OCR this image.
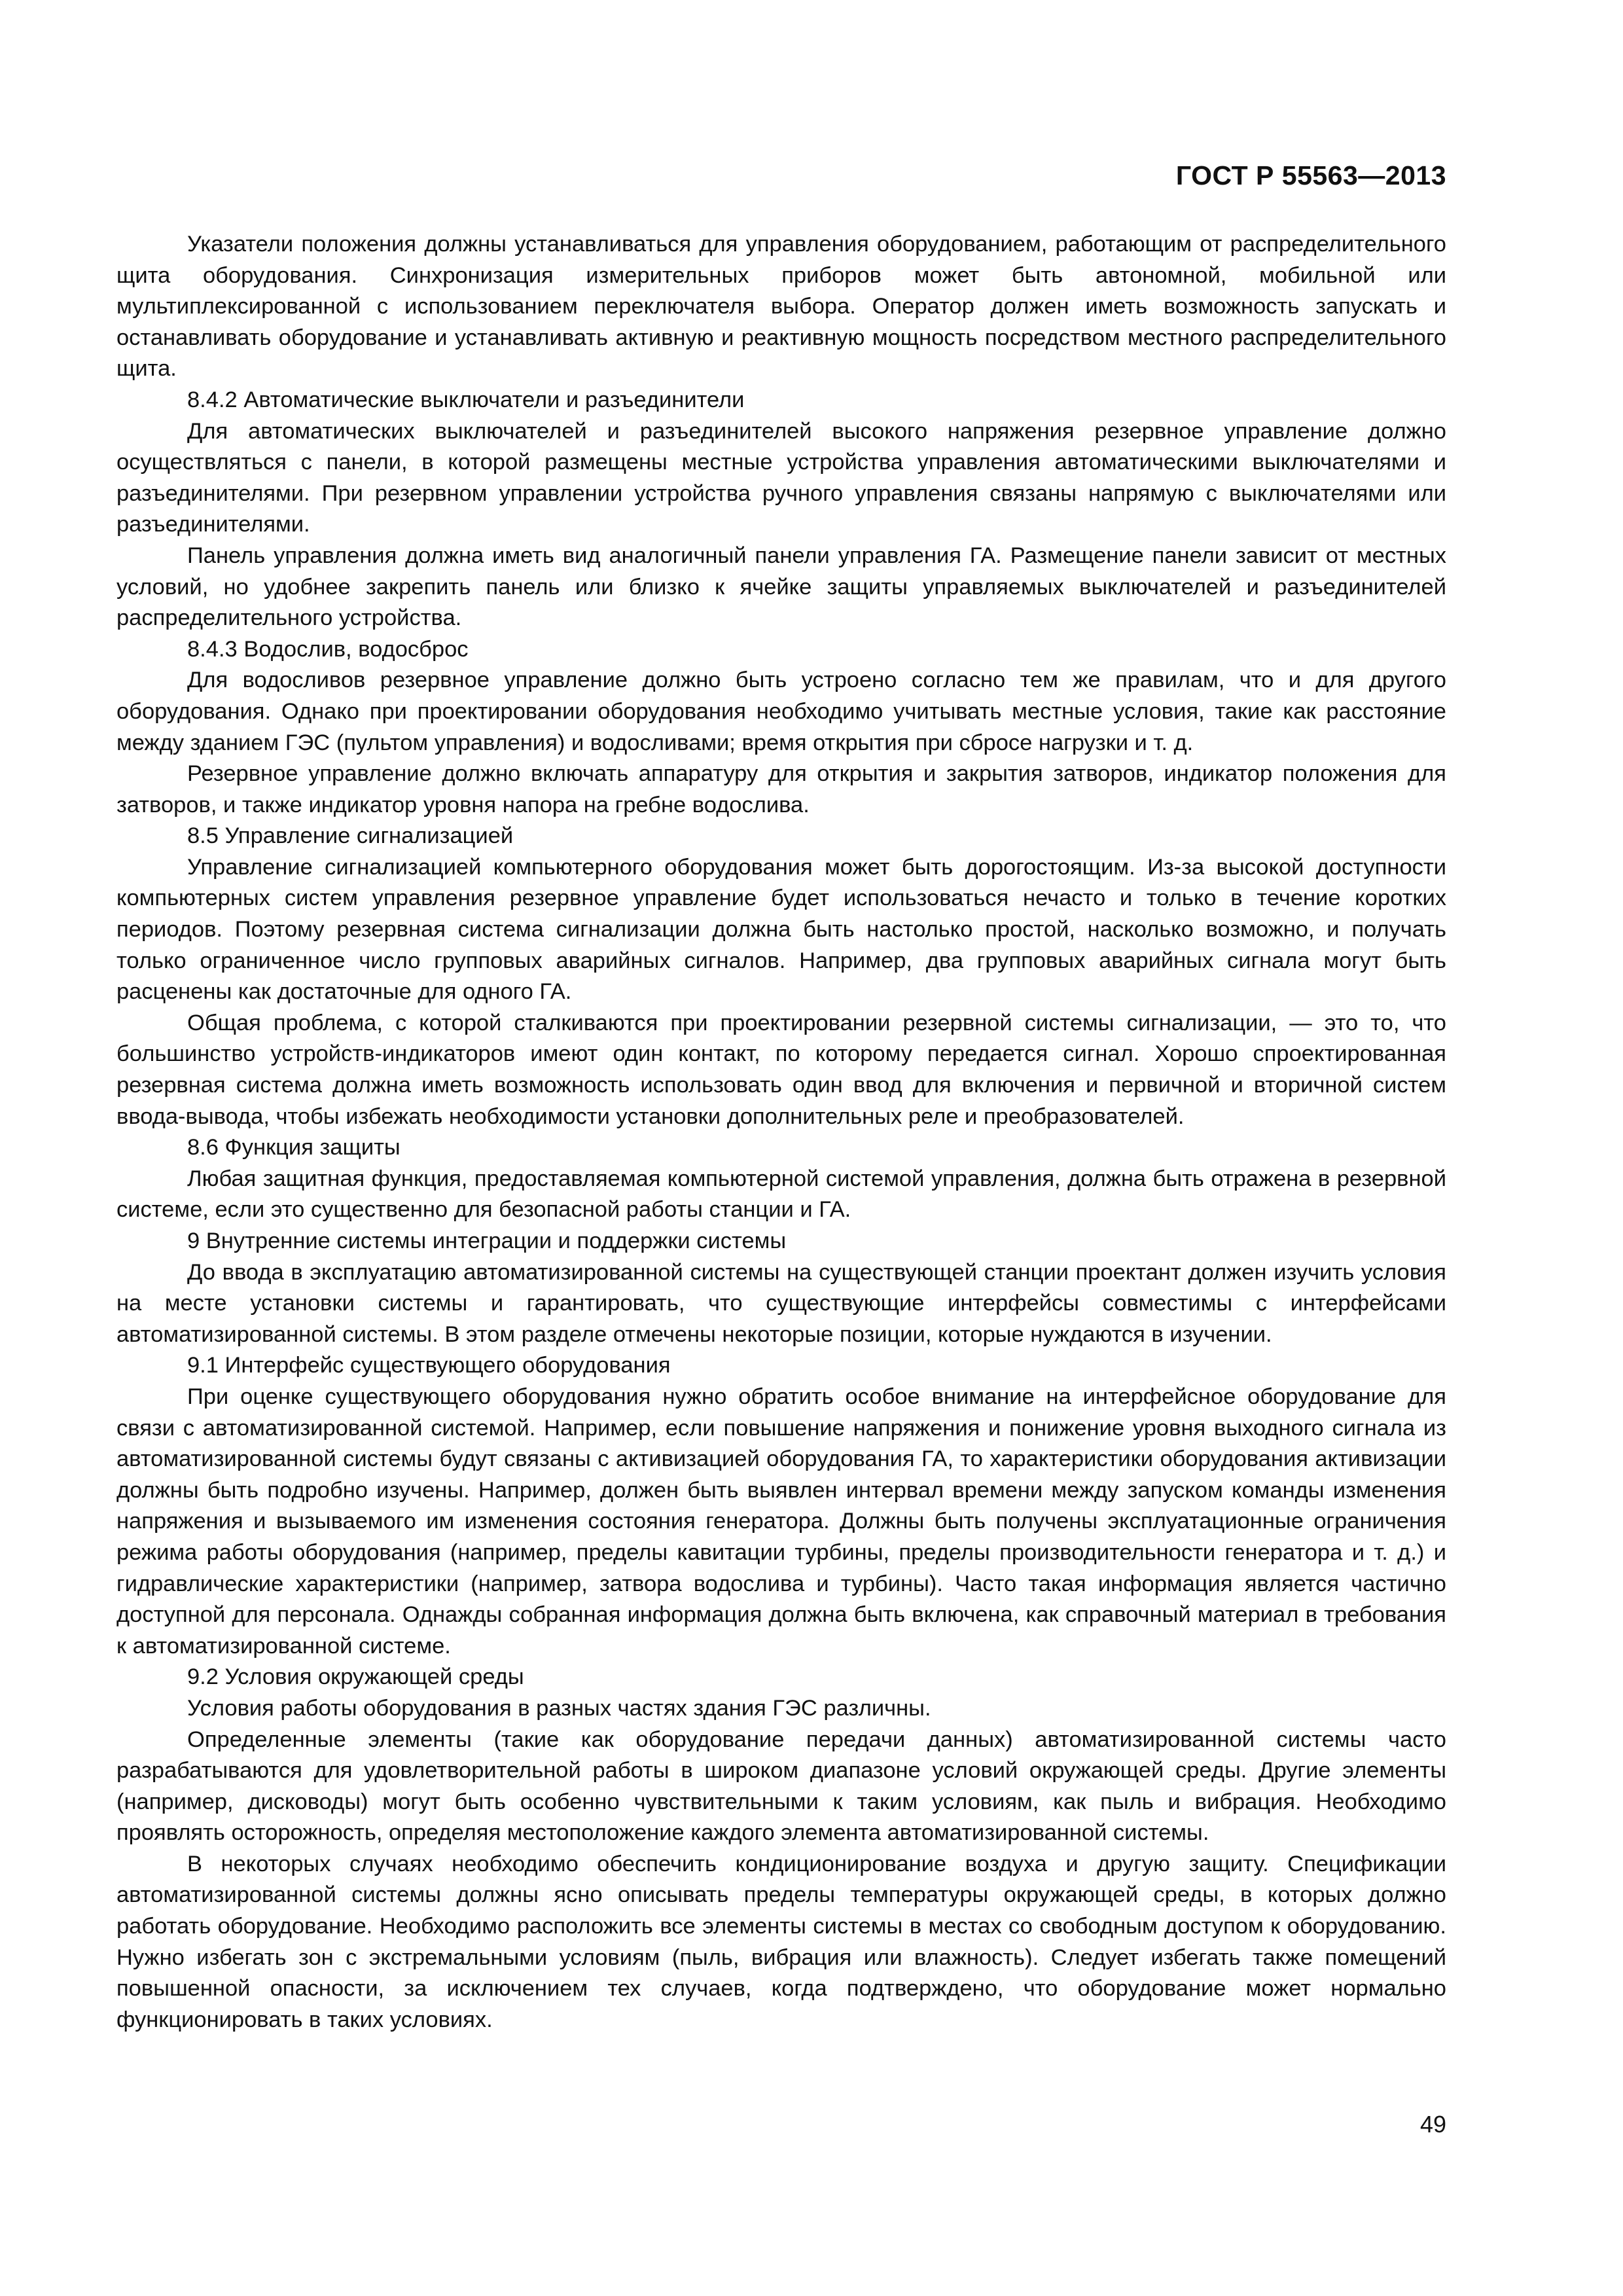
ГОСТ Р 55563—2013

Указатели положения должны устанавливаться для управления оборудованием, работающим от распределительного щита оборудования. Синхронизация измерительных приборов может быть автономной, мобильной или мультиплексированной с использованием переключателя выбора. Оператор должен иметь возможность запускать и останавливать оборудование и устанавливать активную и реактивную мощность посредством местного распределительного щита.

8.4.2 Автоматические выключатели и разъединители

Для автоматических выключателей и разъединителей высокого напряжения резервное управление должно осуществляться с панели, в которой размещены местные устройства управления автоматическими выключателями и разъединителями. При резервном управлении устройства ручного управления связаны напрямую с выключателями или разъединителями.

Панель управления должна иметь вид аналогичный панели управления ГА. Размещение панели зависит от местных условий, но удобнее закрепить панель или близко к ячейке защиты управляемых выключателей и разъединителей распределительного устройства.

8.4.3 Водослив, водосброс

Для водосливов резервное управление должно быть устроено согласно тем же правилам, что и для другого оборудования. Однако при проектировании оборудования необходимо учитывать местные условия, такие как расстояние между зданием ГЭС (пультом управления) и водосливами; время открытия при сбросе нагрузки и т. д.

Резервное управление должно включать аппаратуру для открытия и закрытия затворов, индикатор положения для затворов, и также индикатор уровня напора на гребне водослива.

8.5 Управление сигнализацией

Управление сигнализацией компьютерного оборудования может быть дорогостоящим. Из-за высокой доступности компьютерных систем управления резервное управление будет использоваться нечасто и только в течение коротких периодов. Поэтому резервная система сигнализации должна быть настолько простой, насколько возможно, и получать только ограниченное число групповых аварийных сигналов. Например, два групповых аварийных сигнала могут быть расценены как достаточные для одного ГА.

Общая проблема, с которой сталкиваются при проектировании резервной системы сигнализации, — это то, что большинство устройств-индикаторов имеют один контакт, по которому передается сигнал. Хорошо спроектированная резервная система должна иметь возможность использовать один ввод для включения и первичной и вторичной систем ввода-вывода, чтобы избежать необходимости установки дополнительных реле и преобразователей.

8.6 Функция защиты

Любая защитная функция, предоставляемая компьютерной системой управления, должна быть отражена в резервной системе, если это существенно для безопасной работы станции и ГА.

9 Внутренние системы интеграции и поддержки системы

До ввода в эксплуатацию автоматизированной системы на существующей станции проектант должен изучить условия на месте установки системы и гарантировать, что существующие интерфейсы совместимы с интерфейсами автоматизированной системы. В этом разделе отмечены некоторые позиции, которые нуждаются в изучении.

9.1 Интерфейс существующего оборудования

При оценке существующего оборудования нужно обратить особое внимание на интерфейсное оборудование для связи с автоматизированной системой. Например, если повышение напряжения и понижение уровня выходного сигнала из автоматизированной системы будут связаны с активизацией оборудования ГА, то характеристики оборудования активизации должны быть подробно изучены. Например, должен быть выявлен интервал времени между запуском команды изменения напряжения и вызываемого им изменения состояния генератора. Должны быть получены эксплуатационные ограничения режима работы оборудования (например, пределы кавитации турбины, пределы производительности генератора и т. д.) и гидравлические характеристики (например, затвора водослива и турбины). Часто такая информация является частично доступной для персонала. Однажды собранная информация должна быть включена, как справочный материал в требования к автоматизированной системе.

9.2 Условия окружающей среды

Условия работы оборудования в разных частях здания ГЭС различны.

Определенные элементы (такие как оборудование передачи данных) автоматизированной системы часто разрабатываются для удовлетворительной работы в широком диапазоне условий окружающей среды. Другие элементы (например, дисководы) могут быть особенно чувствительными к таким условиям, как пыль и вибрация. Необходимо проявлять осторожность, определяя местоположение каждого элемента автоматизированной системы.

В некоторых случаях необходимо обеспечить кондиционирование воздуха и другую защиту. Спецификации автоматизированной системы должны ясно описывать пределы температуры окружающей среды, в которых должно работать оборудование. Необходимо расположить все элементы системы в местах со свободным доступом к оборудованию. Нужно избегать зон с экстремальными условиям (пыль, вибрация или влажность). Следует избегать также помещений повышенной опасности, за исключением тех случаев, когда подтверждено, что оборудование может нормально функционировать в таких условиях.

49
